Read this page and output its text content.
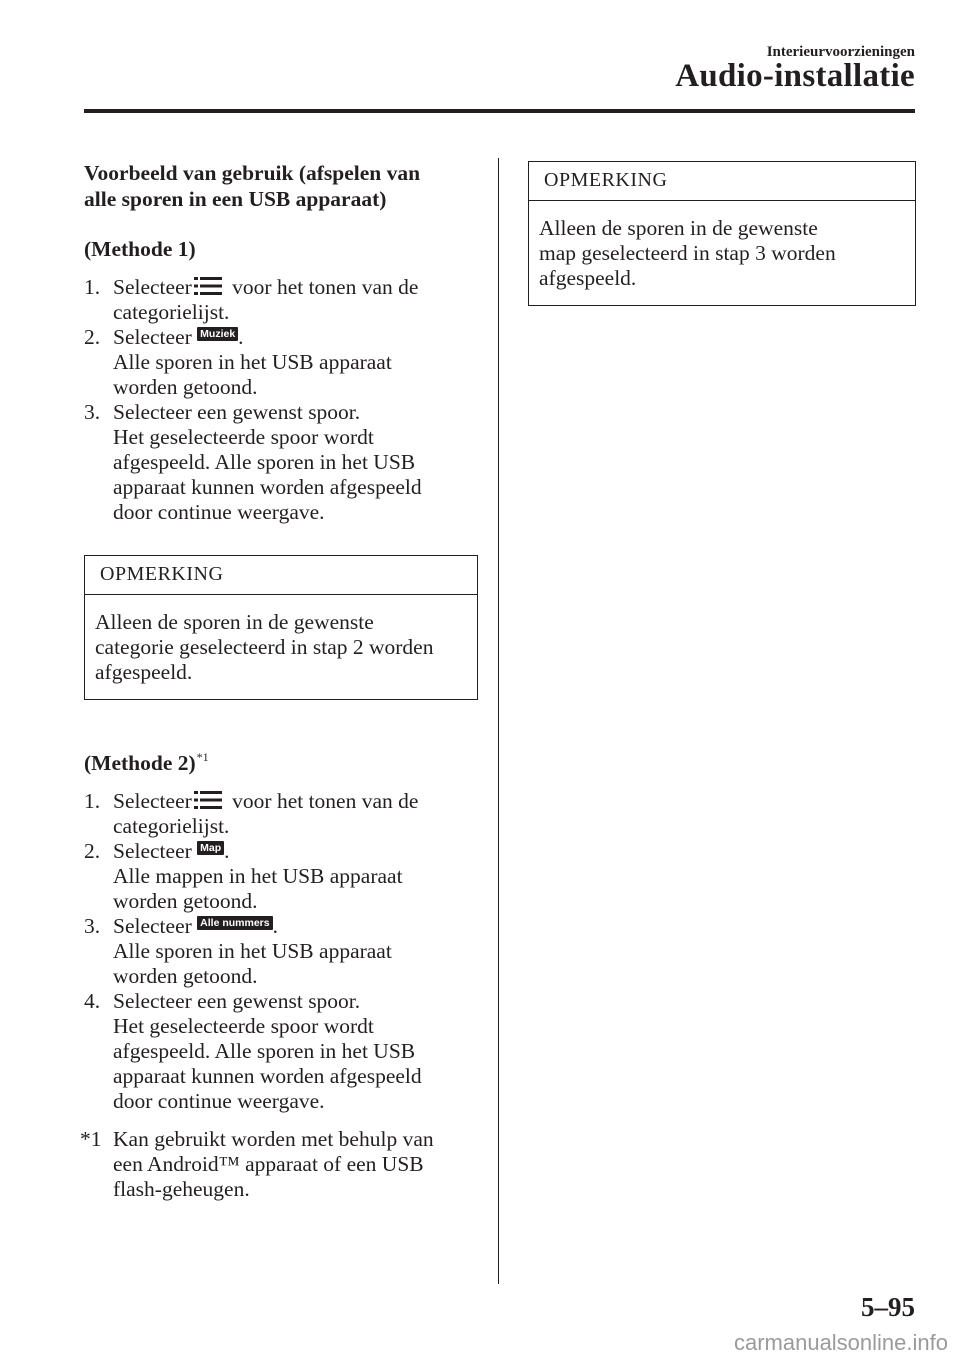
Interieurvoorzieningen
Audio-installatie
Voorbeeld van gebruik (afspelen van
alle sporen in een USB apparaat)
(Methode 1)
1. Selecteer voor het tonen van de
categorielijst.
2. Selecteer Muziek .
Alle sporen in het USB apparaat
worden getoond.
3. Selecteer een gewenst spoor.
Het geselecteerde spoor wordt
afgespeeld. Alle sporen in het USB
apparaat kunnen worden afgespeeld
door continue weergave.
OPMERKING
Alleen de sporen in de gewenste
categorie geselecteerd in stap 2 worden
afgespeeld.
(Methode 2)$^{*1}$
1. Selecteer voor het tonen van de
categorielijst.
2. Selecteer Map .
Alle mappen in het USB apparaat
worden getoond.
3. Selecteer Alle nummers .
Alle sporen in het USB apparaat
worden getoond.
4. Selecteer een gewenst spoor.
Het geselecteerde spoor wordt
afgespeeld. Alle sporen in het USB
apparaat kunnen worden afgespeeld
door continue weergave.
*1 Kan gebruikt worden met behulp van
een Android™ apparaat of een USB
flash-geheugen.
OPMERKING
Alleen de sporen in de gewenste
map geselecteerd in stap 3 worden
afgespeeld.
5–95
carmanualsonline.info
